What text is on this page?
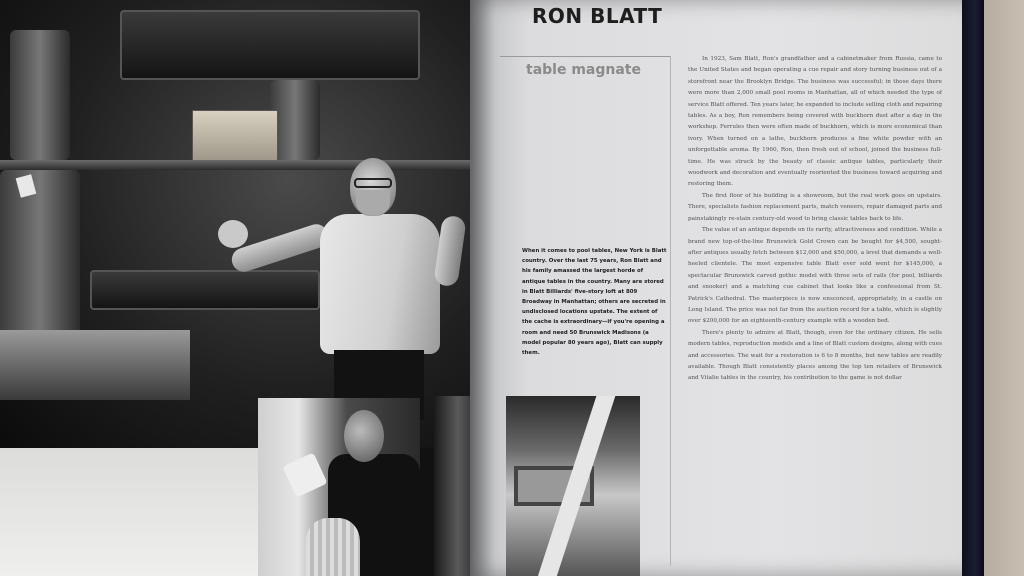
RON BLATT
table magnate
When it comes to pool tables, New York is Blatt country. Over the last 75 years, Ron Blatt and his family amassed the largest horde of antique tables in the country. Many are stored in Blatt Billiards' five-story loft at 809 Broadway in Manhattan; others are secreted in undisclosed locations upstate. The extent of the cache is extraordinary—if you're opening a room and need 50 Brunswick Madisons (a model popular 80 years ago), Blatt can supply them.

In 1923, Sam Blatt, Ron's grandfather and a cabinetmaker from Russia, came to the United States and began operating a cue repair and story turning business out of a storefront near the Brooklyn Bridge. The business was successful; in those days there were more than 2,000 small pool rooms in Manhattan, all of which needed the type of service Blatt offered. Ten years later, he expanded to include selling cloth and repairing tables. As a boy, Ron remembers being covered with buckhorn dust after a day in the workshop. Ferrules then were often made of buckhorn, which is more economical than ivory. When turned on a lathe, buckhorn produces a fine white powder with an unforgettable aroma. By 1960, Ron, then fresh out of school, joined the business full-time. He was struck by the beauty of classic antique tables, particularly their woodwork and decoration and eventually reoriented the business toward acquiring and restoring them.

The first floor of his building is a showroom, but the real work goes on upstairs. There, specialists fashion replacement parts, match veneers, repair damaged parts and painstakingly re-stain century-old wood to bring classic tables back to life.

The value of an antique depends on its rarity, attractiveness and condition. While a brand new top-of-the-line Brunswick Gold Crown can be bought for $4,500, sought-after antiques usually fetch between $12,000 and $50,000, a level that demands a well-heeled clientele. The most expensive table Blatt ever sold went for $145,000, a spectacular Brunswick carved gothic model with three sets of rails (for pool, billiards and snooker) and a matching cue cabinet that looks like a confessional from St. Patrick's Cathedral. The masterpiece is now ensconced, appropriately, in a castle on Long Island. The price was not far from the auction record for a table, which is slightly over $200,000 for an eighteenth-century example with a wooden bed.

There's plenty to admire at Blatt, though, even for the ordinary citizen. He sells modern tables, reproduction models and a line of Blatt custom designs, along with cues and accessories. The wait for a restoration is 6 to 8 months, but new tables are readily available. Though Blatt consistently places among the top ten retailers of Brunswick and Vitalie tables in the country, his contribution to the game is not dollar
